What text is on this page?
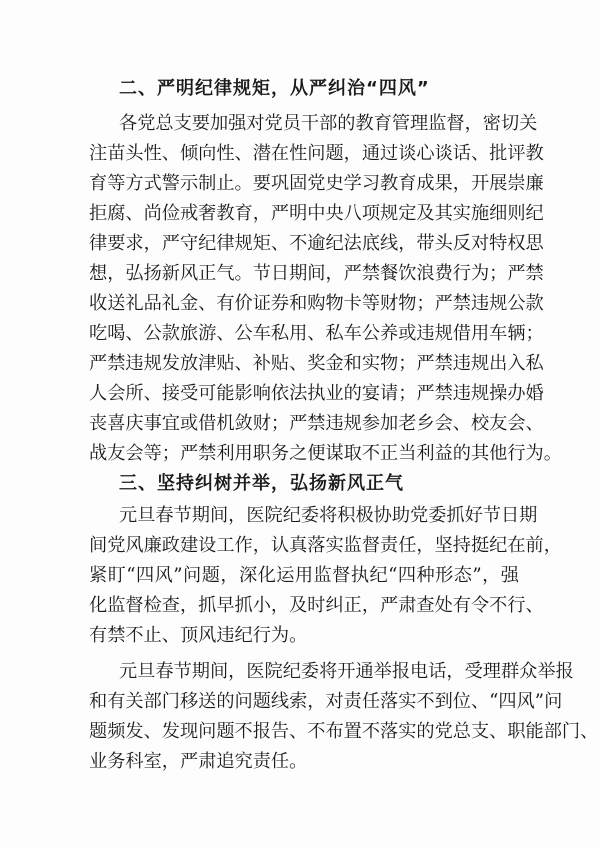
二、严明纪律规矩，从严纠治“四风”
各党总支要加强对党员干部的教育管理监督，密切关
注苗头性、倾向性、潜在性问题，通过谈心谈话、批评教
育等方式警示制止。要巩固党史学习教育成果，开展崇廉
拒腐、尚俭戒奢教育，严明中央八项规定及其实施细则纪
律要求，严守纪律规矩、不逾纪法底线，带头反对特权思
想，弘扬新风正气。节日期间，严禁餐饮浪费行为；严禁
收送礼品礼金、有价证券和购物卡等财物；严禁违规公款
吃喝、公款旅游、公车私用、私车公养或违规借用车辆；
严禁违规发放津贴、补贴、奖金和实物；严禁违规出入私
人会所、接受可能影响依法执业的宴请；严禁违规操办婚
丧喜庆事宜或借机敛财；严禁违规参加老乡会、校友会、
战友会等；严禁利用职务之便谋取不正当利益的其他行为。
三、坚持纠树并举，弘扬新风正气
元旦春节期间，医院纪委将积极协助党委抓好节日期
间党风廉政建设工作，认真落实监督责任，坚持挺纪在前，
紧盯“四风”问题，深化运用监督执纪“四种形态”，强
化监督检查，抓早抓小，及时纠正，严肃查处有令不行、
有禁不止、顶风违纪行为。
元旦春节期间，医院纪委将开通举报电话，受理群众举报
和有关部门移送的问题线索，对责任落实不到位、“四风”问
题频发、发现问题不报告、不布置不落实的党总支、职能部门、
业务科室，严肃追究责任。
